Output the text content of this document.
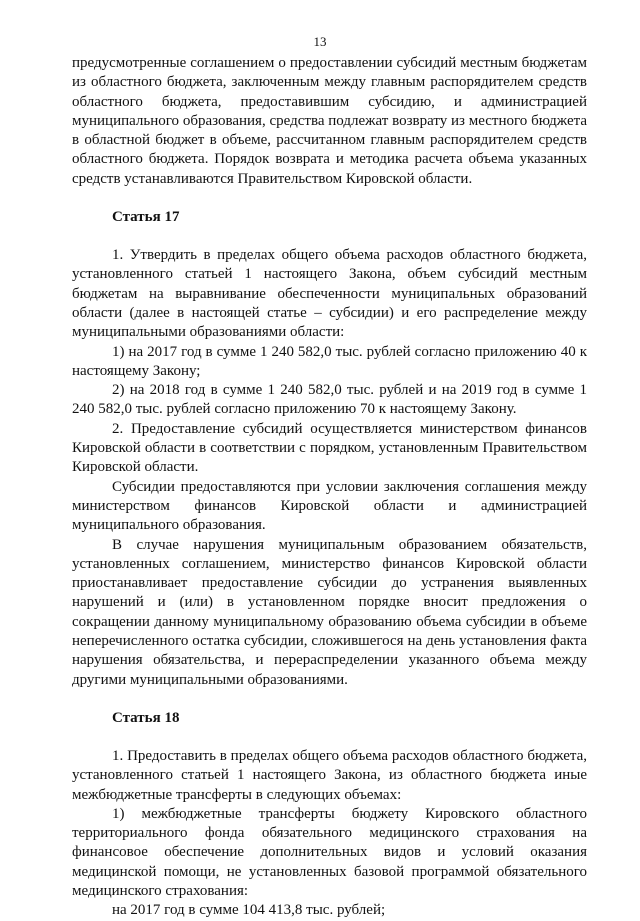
13

предусмотренные соглашением о предоставлении субсидий местным бюджетам из областного бюджета, заключенным между главным распорядителем средств областного бюджета, предоставившим субсидию, и администрацией муниципального образования, средства подлежат возврату из местного бюджета в областной бюджет в объеме, рассчитанном главным распорядителем средств областного бюджета. Порядок возврата и методика расчета объема указанных средств устанавливаются Правительством Кировской области.

Статья 17

1. Утвердить в пределах общего объема расходов областного бюджета, установленного статьей 1 настоящего Закона, объем субсидий местным бюджетам на выравнивание обеспеченности муниципальных образований области (далее в настоящей статье – субсидии) и его распределение между муниципальными образованиями области:

1) на 2017 год в сумме 1 240 582,0 тыс. рублей согласно приложению 40 к настоящему Закону;

2) на 2018 год в сумме 1 240 582,0 тыс. рублей и на 2019 год в сумме 1 240 582,0 тыс. рублей согласно приложению 70 к настоящему Закону.

2. Предоставление субсидий осуществляется министерством финансов Кировской области в соответствии с порядком, установленным Правительством Кировской области.

Субсидии предоставляются при условии заключения соглашения между министерством финансов Кировской области и администрацией муниципального образования.

В случае нарушения муниципальным образованием обязательств, установленных соглашением, министерство финансов Кировской области приостанавливает предоставление субсидии до устранения выявленных нарушений и (или) в установленном порядке вносит предложения о сокращении данному муниципальному образованию объема субсидии в объеме неперечисленного остатка субсидии, сложившегося на день установления факта нарушения обязательства, и перераспределении указанного объема между другими муниципальными образованиями.

Статья 18

1. Предоставить в пределах общего объема расходов областного бюджета, установленного статьей 1 настоящего Закона, из областного бюджета иные межбюджетные трансферты в следующих объемах:

1) межбюджетные трансферты бюджету Кировского областного территориального фонда обязательного медицинского страхования на финансовое обеспечение дополнительных видов и условий оказания медицинской помощи, не установленных базовой программой обязательного медицинского страхования:

на 2017 год в сумме 104 413,8 тыс. рублей;
